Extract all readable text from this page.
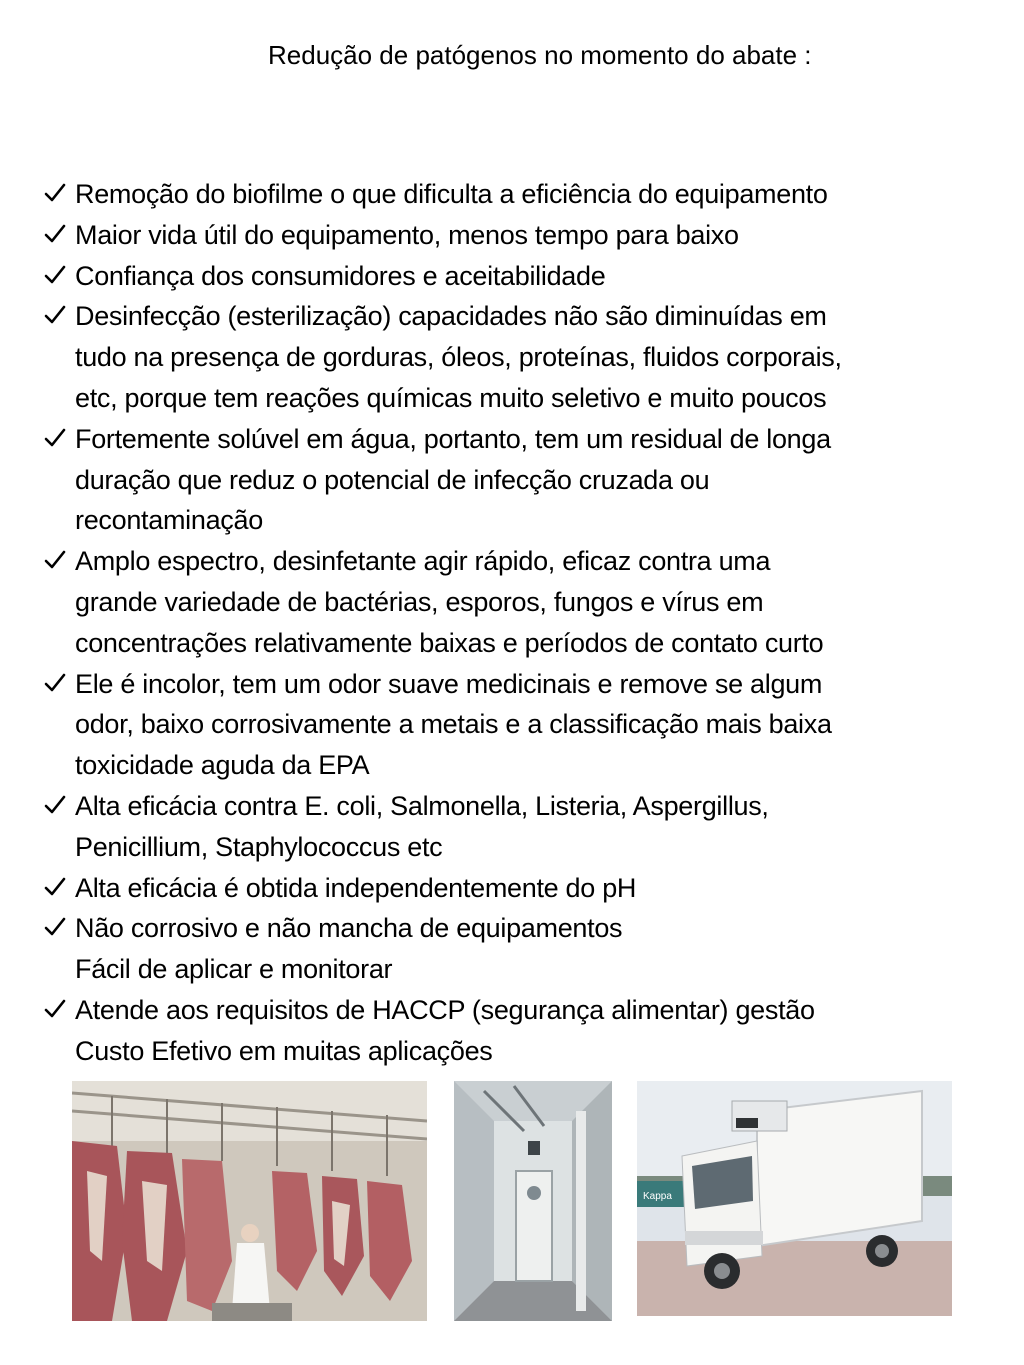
Redução de patógenos no momento do abate :
Remoção do biofilme o que dificulta a eficiência do equipamento
Maior vida útil do equipamento, menos tempo para baixo
Confiança dos consumidores e aceitabilidade
Desinfecção (esterilização) capacidades não são diminuídas em
tudo na presença de gorduras, óleos, proteínas, fluidos corporais,
etc, porque tem reações químicas muito seletivo e muito poucos
Fortemente solúvel em água, portanto, tem um residual de longa
duração que reduz o potencial de infecção cruzada ou
recontaminação
Amplo espectro, desinfetante agir rápido, eficaz contra uma
grande variedade de bactérias, esporos, fungos e vírus em
concentrações relativamente baixas e períodos de contato curto
Ele é incolor, tem um odor suave medicinais e remove se algum
odor, baixo corrosivamente a metais e a classificação mais baixa
toxicidade aguda da EPA
Alta eficácia contra E. coli, Salmonella, Listeria, Aspergillus,
Penicillium, Staphylococcus etc
Alta eficácia é obtida independentemente do pH
Não corrosivo e não mancha de equipamentos
Fácil de aplicar e monitorar
Atende aos requisitos de HACCP (segurança alimentar) gestão
Custo Efetivo em muitas aplicações
Kappa
